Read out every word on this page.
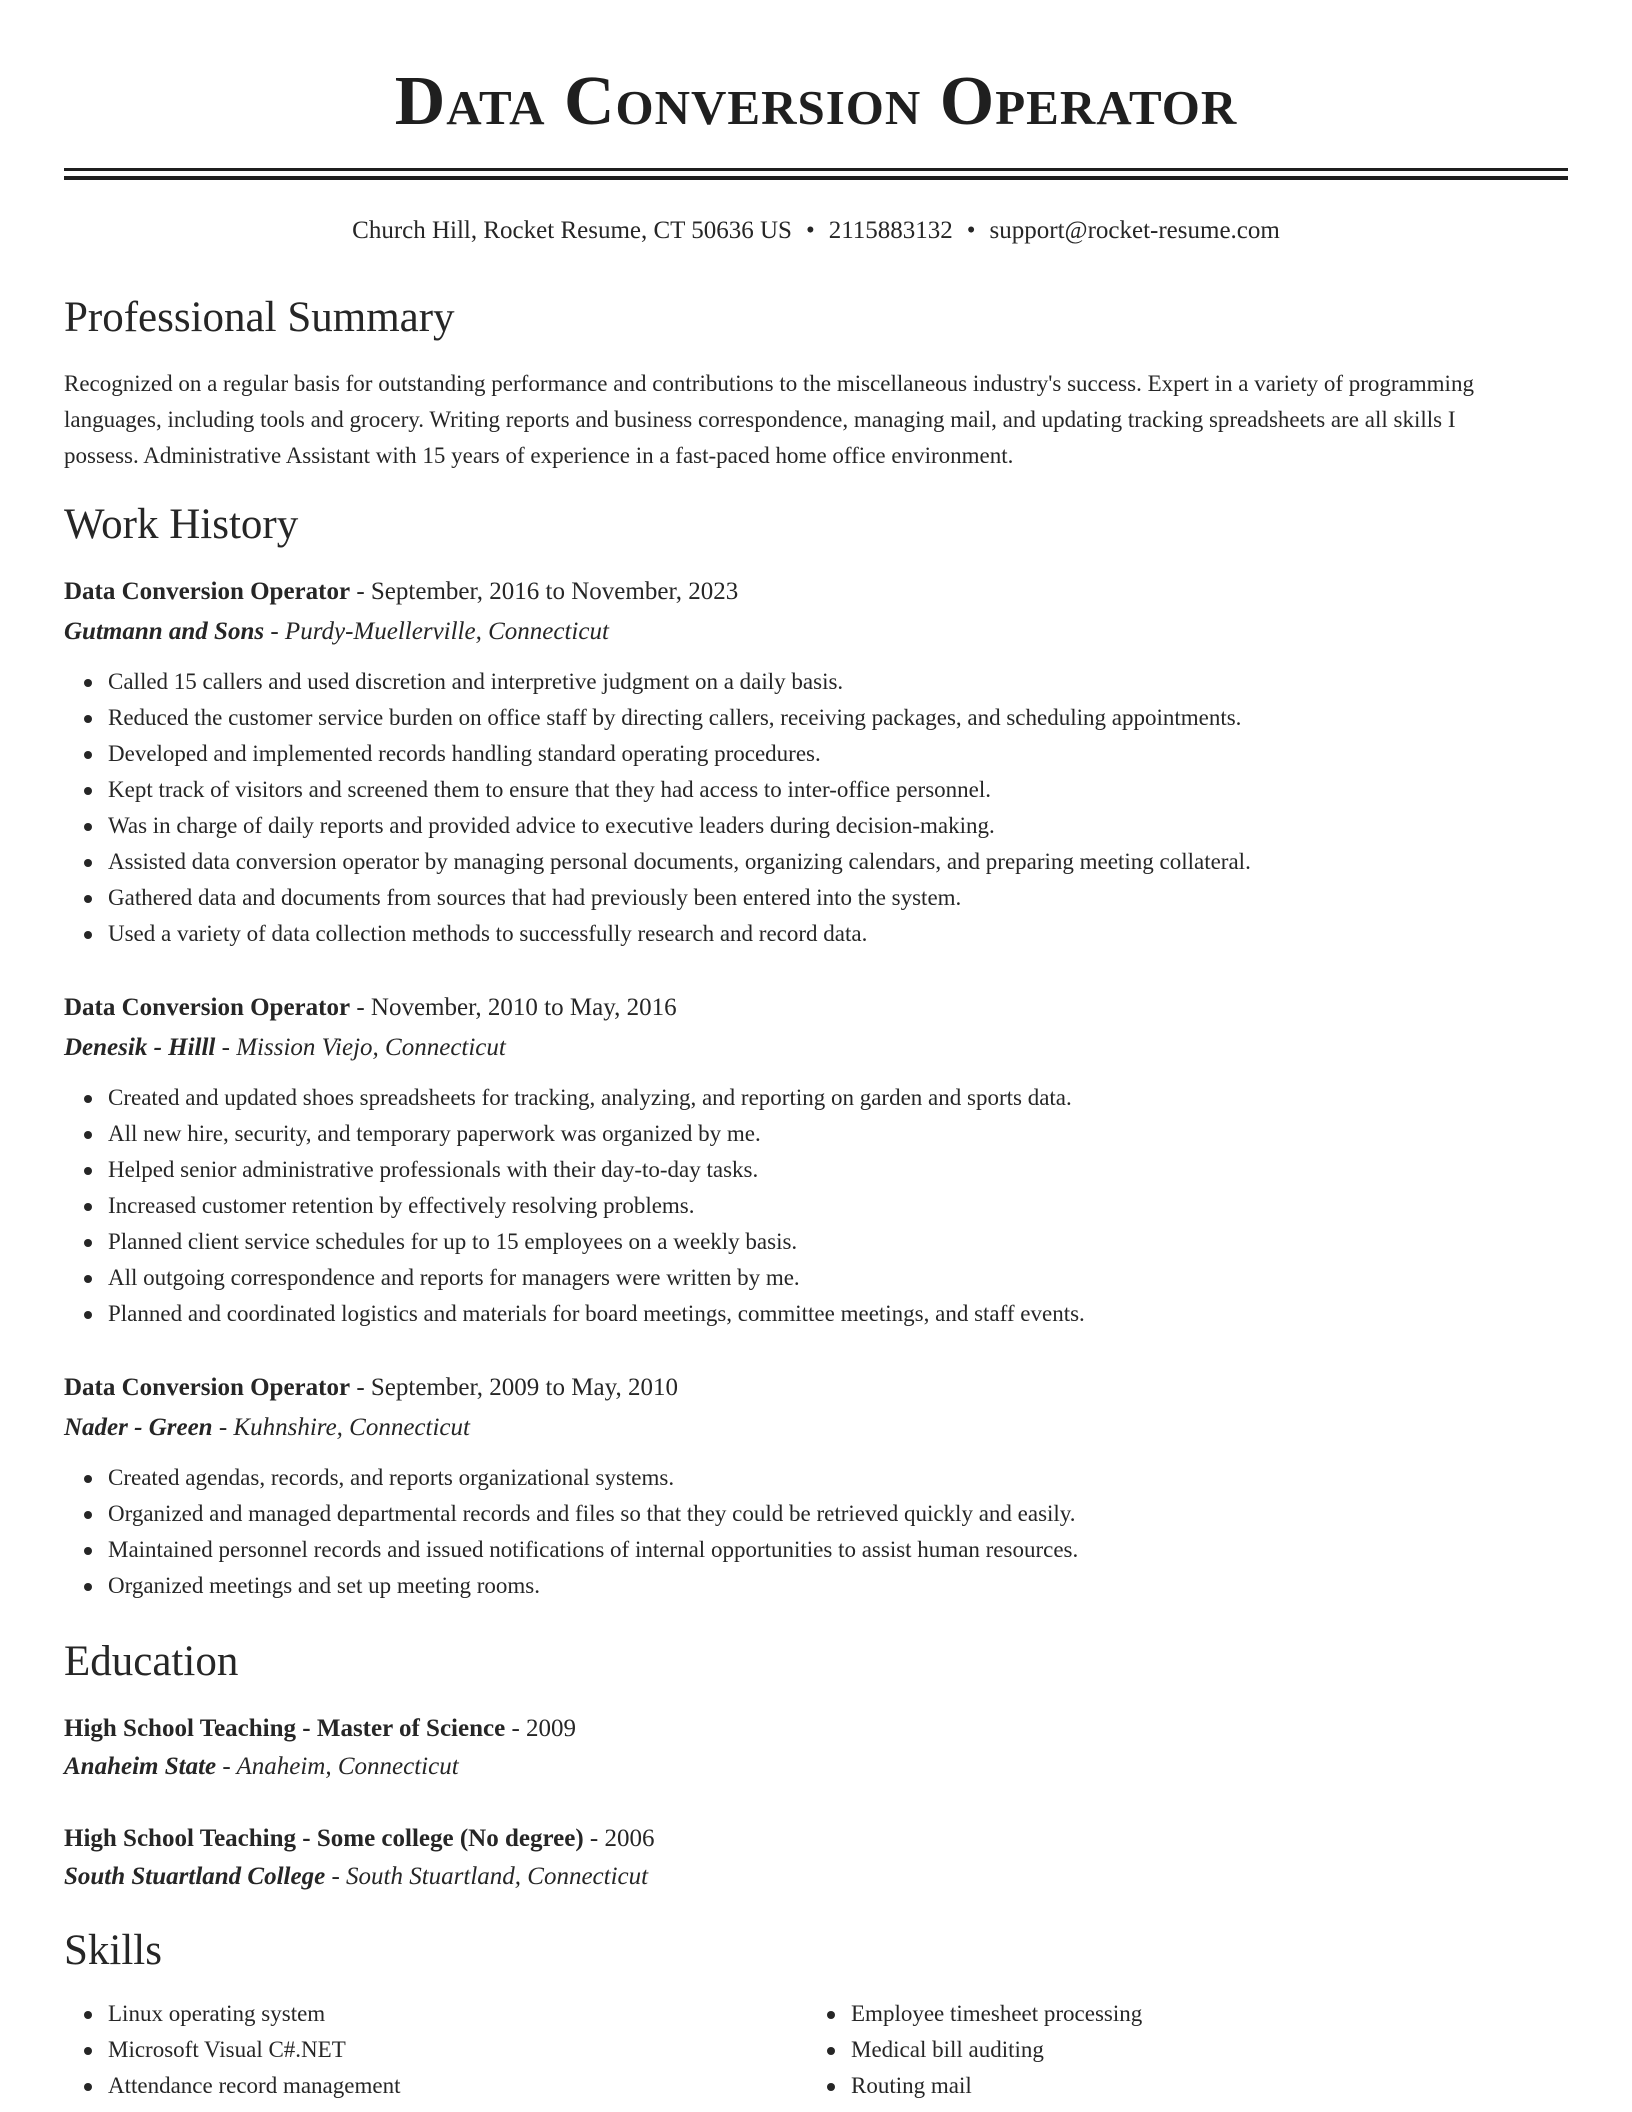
Data Conversion Operator
Church Hill, Rocket Resume, CT 50636 US • 2115883132 • support@rocket-resume.com
Professional Summary

Recognized on a regular basis for outstanding performance and contributions to the miscellaneous industry's success. Expert in a variety of programming languages, including tools and grocery. Writing reports and business correspondence, managing mail, and updating tracking spreadsheets are all skills I possess. Administrative Assistant with 15 years of experience in a fast-paced home office environment.

Work History
Data Conversion Operator - September, 2016 to November, 2023
Gutmann and Sons - Purdy-Muellerville, Connecticut
Called 15 callers and used discretion and interpretive judgment on a daily basis.
Reduced the customer service burden on office staff by directing callers, receiving packages, and scheduling appointments.
Developed and implemented records handling standard operating procedures.
Kept track of visitors and screened them to ensure that they had access to inter-office personnel.
Was in charge of daily reports and provided advice to executive leaders during decision-making.
Assisted data conversion operator by managing personal documents, organizing calendars, and preparing meeting collateral.
Gathered data and documents from sources that had previously been entered into the system.
Used a variety of data collection methods to successfully research and record data.
Data Conversion Operator - November, 2010 to May, 2016
Denesik - Hilll - Mission Viejo, Connecticut
Created and updated shoes spreadsheets for tracking, analyzing, and reporting on garden and sports data.
All new hire, security, and temporary paperwork was organized by me.
Helped senior administrative professionals with their day-to-day tasks.
Increased customer retention by effectively resolving problems.
Planned client service schedules for up to 15 employees on a weekly basis.
All outgoing correspondence and reports for managers were written by me.
Planned and coordinated logistics and materials for board meetings, committee meetings, and staff events.
Data Conversion Operator - September, 2009 to May, 2010
Nader - Green - Kuhnshire, Connecticut
Created agendas, records, and reports organizational systems.
Organized and managed departmental records and files so that they could be retrieved quickly and easily.
Maintained personnel records and issued notifications of internal opportunities to assist human resources.
Organized meetings and set up meeting rooms.
Education
High School Teaching - Master of Science - 2009
Anaheim State - Anaheim, Connecticut
High School Teaching - Some college (No degree) - 2006
South Stuartland College - South Stuartland, Connecticut
Skills
Linux operating system
Microsoft Visual C#.NET
Attendance record management
Employee timesheet processing
Medical bill auditing
Routing mail
